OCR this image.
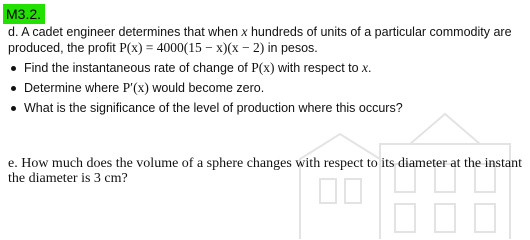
M3.2.

d. A cadet engineer determines that when x hundreds of units of a particular commodity are produced, the profit P(x) = 4000(15 − x)(x − 2) in pesos.

Find the instantaneous rate of change of P(x) with respect to x.
Determine where P′(x) would become zero.
What is the significance of the level of production where this occurs?
e. How much does the volume of a sphere changes with respect to its diameter at the instant the diameter is 3 cm?
